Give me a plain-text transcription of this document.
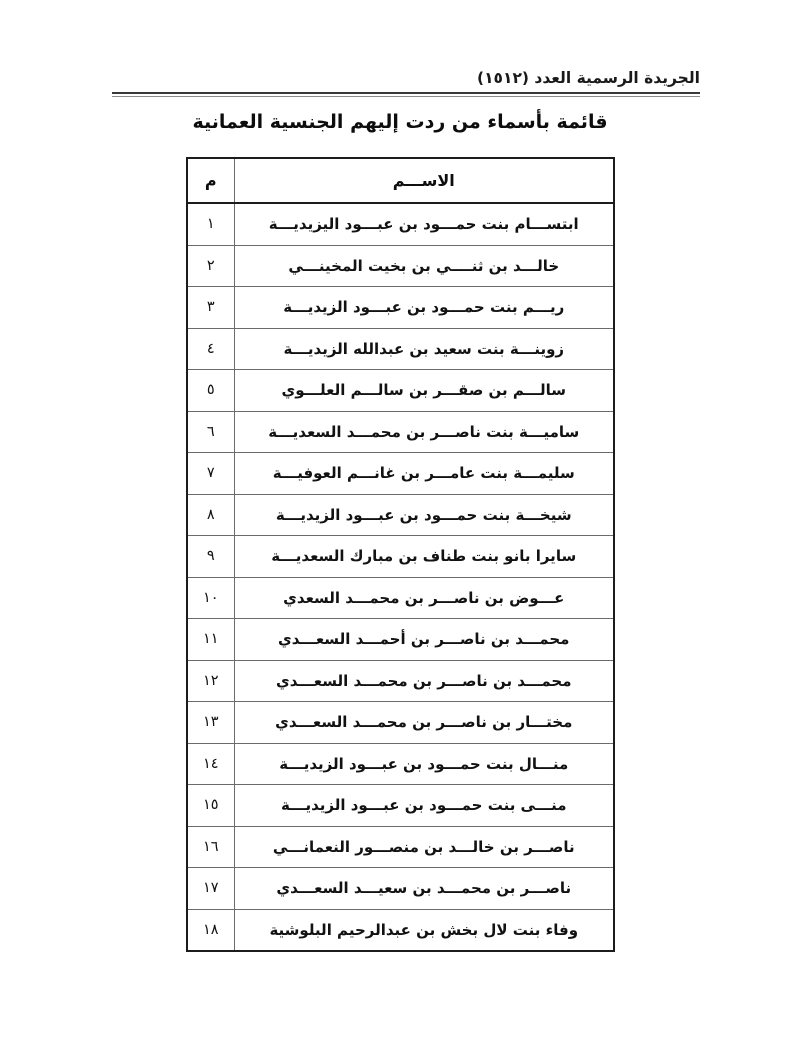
الجريدة الرسمية العدد (١٥١٢)
قائمة بأسماء من ردت إليهم الجنسية العمانية
الاســـم	م
ابتســـام بنت حمـــود بن عبـــود اليزيديـــة	١
خالـــد بن ثنــــي بن بخيت المخينـــي	٢
ريـــم بنت حمـــود بن عبـــود الزيديـــة	٣
زوينـــة بنت سعيد بن عبدالله الزيديـــة	٤
سالـــم بن صقـــر بن سالـــم العلـــوي	٥
ساميـــة بنت ناصـــر بن محمـــد السعديـــة	٦
سليمـــة بنت عامـــر بن غانـــم العوفيـــة	٧
شيخـــة بنت حمـــود بن عبـــود الزيديـــة	٨
سايرا بانو بنت طناف بن مبارك السعديـــة	٩
عـــوض بن ناصـــر بن محمـــد السعدي	١٠
محمـــد بن ناصـــر بن أحمـــد السعـــدي	١١
محمـــد بن ناصـــر بن محمـــد السعـــدي	١٢
مختـــار بن ناصـــر بن محمـــد السعـــدي	١٣
منـــال بنت حمـــود بن عبـــود الزيديـــة	١٤
منـــى بنت حمـــود بن عبـــود الزيديـــة	١٥
ناصـــر بن خالـــد بن منصـــور النعمانـــي	١٦
ناصـــر بن محمـــد بن سعيـــد السعـــدي	١٧
وفاء بنت لال بخش بن عبدالرحيم البلوشية	١٨
